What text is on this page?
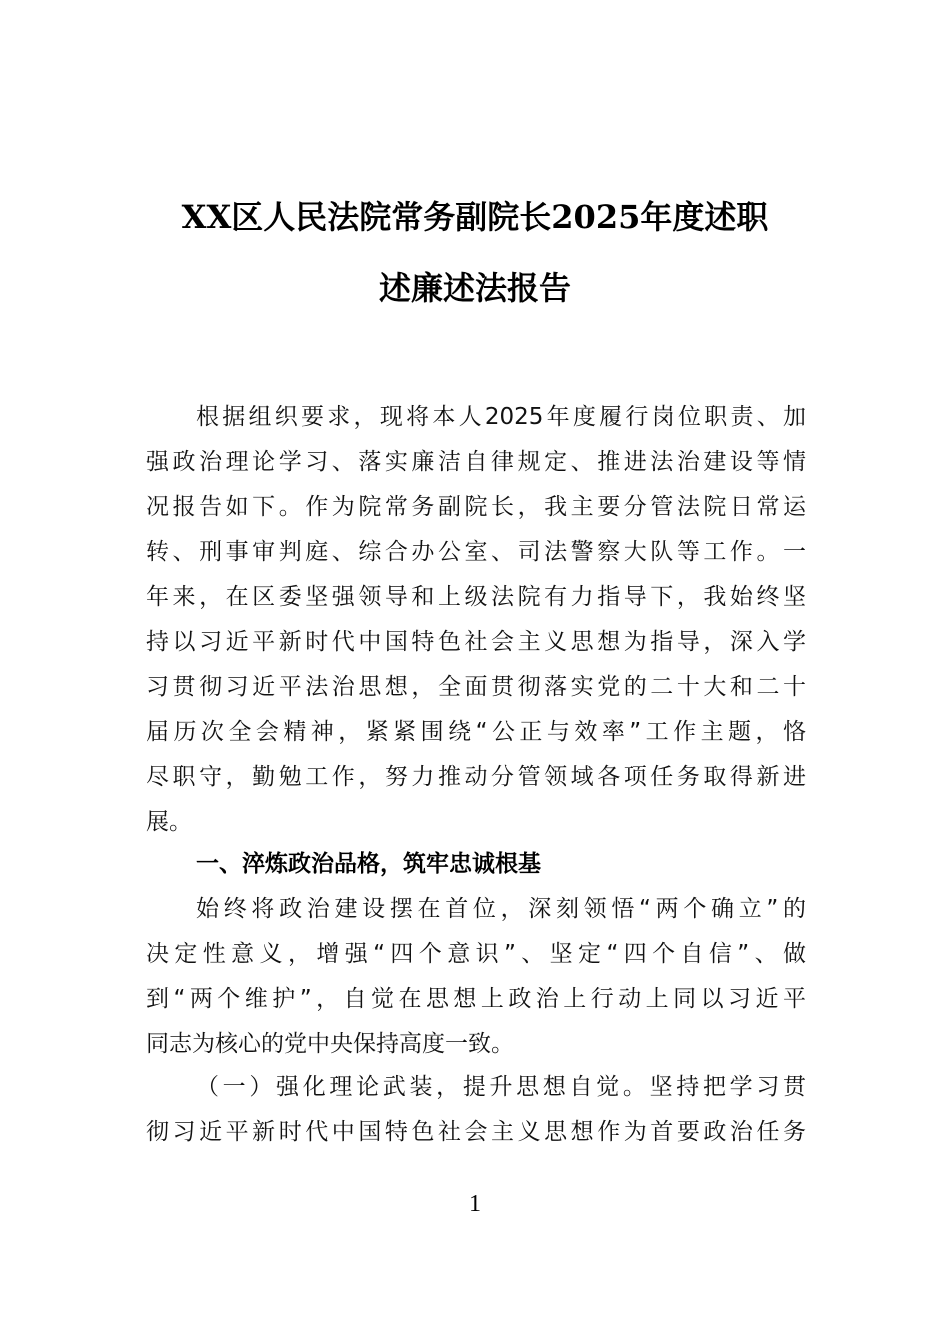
XX区人民法院常务副院长2025年度述职
述廉述法报告
根据组织要求，现将本人2025年度履行岗位职责、加
强政治理论学习、落实廉洁自律规定、推进法治建设等情
况报告如下。作为院常务副院长，我主要分管法院日常运
转、刑事审判庭、综合办公室、司法警察大队等工作。一
年来，在区委坚强领导和上级法院有力指导下，我始终坚
持以习近平新时代中国特色社会主义思想为指导，深入学
习贯彻习近平法治思想，全面贯彻落实党的二十大和二十
届历次全会精神，紧紧围绕“公正与效率”工作主题，恪
尽职守，勤勉工作，努力推动分管领域各项任务取得新进
展。
一、淬炼政治品格，筑牢忠诚根基
始终将政治建设摆在首位，深刻领悟“两个确立”的
决定性意义，增强“四个意识”、坚定“四个自信”、做
到“两个维护”，自觉在思想上政治上行动上同以习近平
同志为核心的党中央保持高度一致。
（一）强化理论武装，提升思想自觉。坚持把学习贯
彻习近平新时代中国特色社会主义思想作为首要政治任务
1
